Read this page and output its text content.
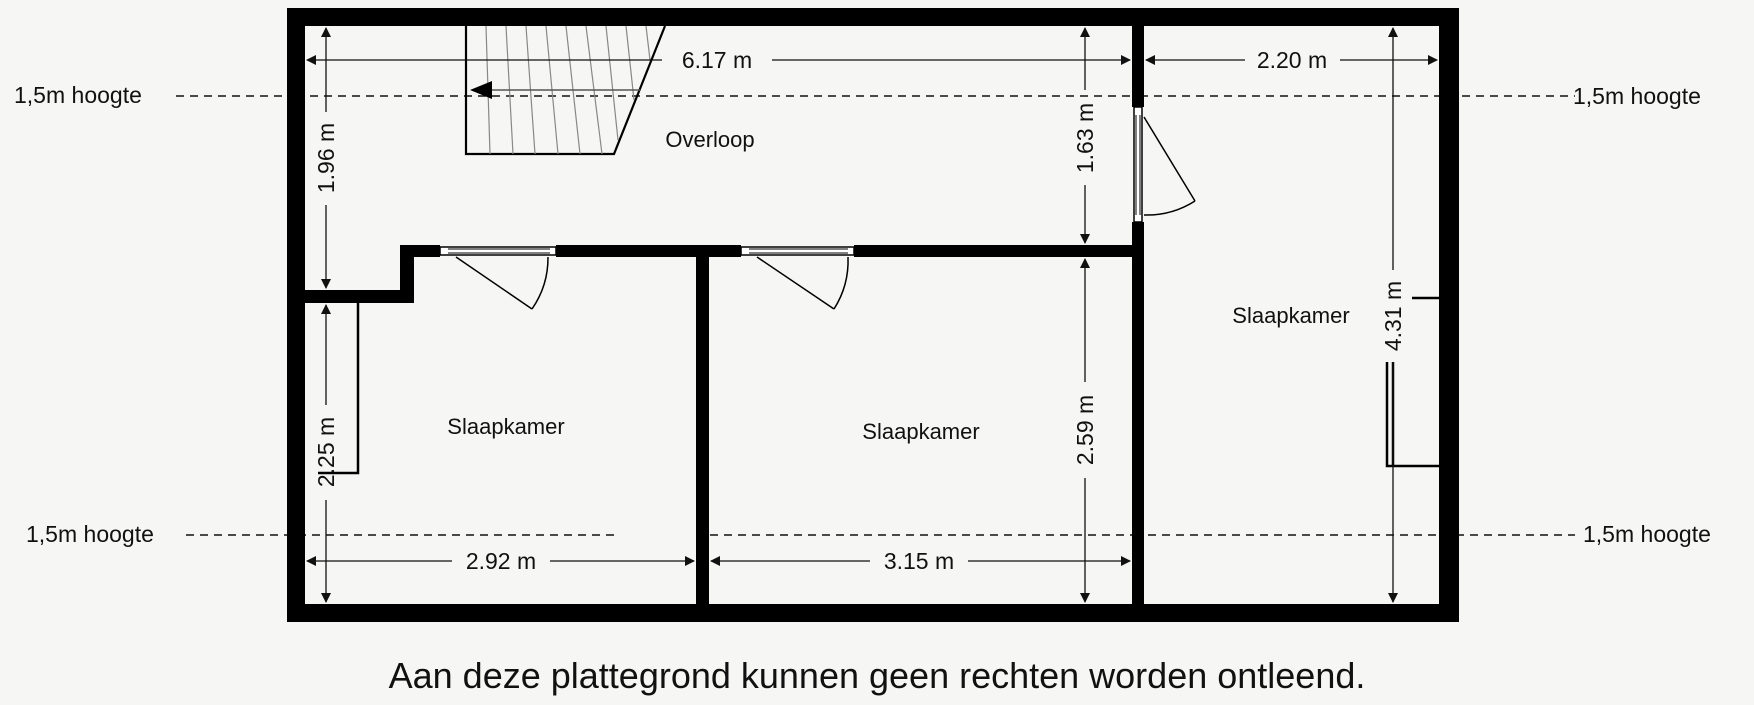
1,5m hoogte	1,5m hoogte
1,5m hoogte	1,5m hoogte
6.17 m	2.20 m
1.96 m	1.63 m
4.31 m
2.25 m	2.59 m
2.92 m	3.15 m
Overloop
Slaapkamer	Slaapkamer
Slaapkamer
Aan deze plattegrond kunnen geen rechten worden ontleend.
